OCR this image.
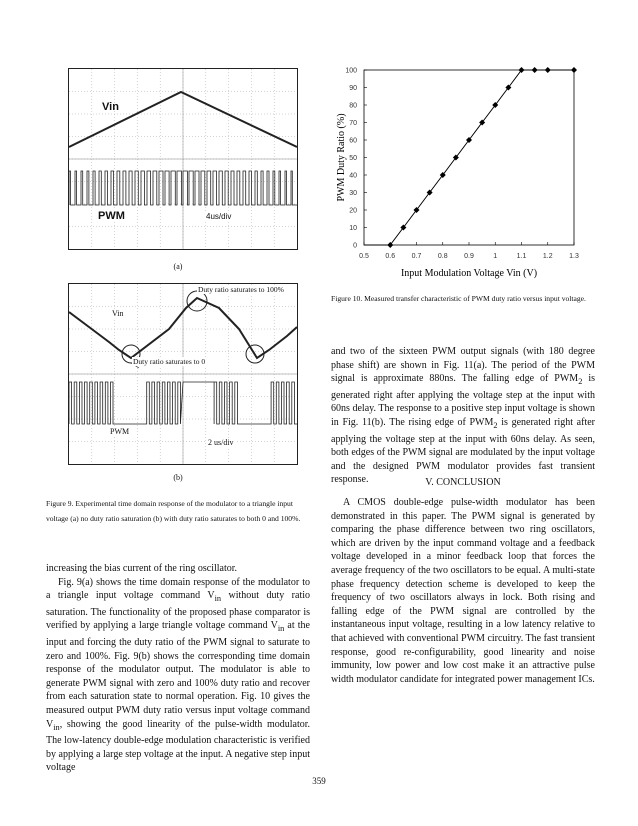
Vin
PWM	4us/div
(a)
Duty ratio saturates to 100%
Duty ratio saturates to 0
Vin
PWM
2 us/div
(b)
Figure 9. Experimental time domain response of the modulator to a triangle input voltage (a) no duty ratio saturation (b) with duty ratio saturates to both 0 and 100%.
0
10
20
30
40
50
60
70
80
90
100
0.5 0.6 0.7 0.8 0.9	1	1.1 1.2 1.3
Input Modulation Voltage Vin (V)
PWM Duty Ratio (%)
Figure 10. Measured transfer characteristic of PWM duty ratio versus input voltage.

increasing the bias current of the ring oscillator.

Fig. 9(a) shows the time domain response of the modulator to a triangle input voltage command $V_{in}$ without duty ratio saturation. The functionality of the proposed phase comparator is verified by applying a large triangle voltage command $V_{in}$ at the input and forcing the duty ratio of the PWM signal to saturate to zero and 100%. Fig. 9(b) shows the corresponding time domain response of the modulator output. The modulator is able to generate PWM signal with zero and 100% duty ratio and recover from each saturation state to normal operation. Fig. 10 gives the measured output PWM duty ratio versus input voltage command $V_{in}$, showing the good linearity of the pulse-width modulator. The low-latency double-edge modulation characteristic is verified by applying a large step voltage at the input. A negative step input voltage

and two of the sixteen PWM output signals (with 180 degree phase shift) are shown in Fig. 11(a). The period of the PWM signal is approximate 880ns. The falling edge of $PWM_2$ is generated right after applying the voltage step at the input with 60ns delay. The response to a positive step input voltage is shown in Fig. 11(b). The rising edge of $PWM_2$ is generated right after applying the voltage step at the input with 60ns delay. As seen, both edges of the PWM signal are modulated by the input voltage and the designed PWM modulator provides fast transient response.	V. CONCLUSION

A CMOS double-edge pulse-width modulator has been demonstrated in this paper. The PWM signal is generated by comparing the phase difference between two ring oscillators, which are driven by the input command voltage and a feedback voltage developed in a minor feedback loop that forces the average frequency of the two oscillators to be equal. A multi-state phase frequency detection scheme is developed to keep the frequency of two oscillators always in lock. Both rising and falling edge of the PWM signal are controlled by the instantaneous input voltage, resulting in a low latency relative to that achieved with conventional PWM circuitry. The fast transient response, good re-configurability, good linearity and noise immunity, low power and low cost make it an attractive pulse width modulator candidate for integrated power management ICs.

359
